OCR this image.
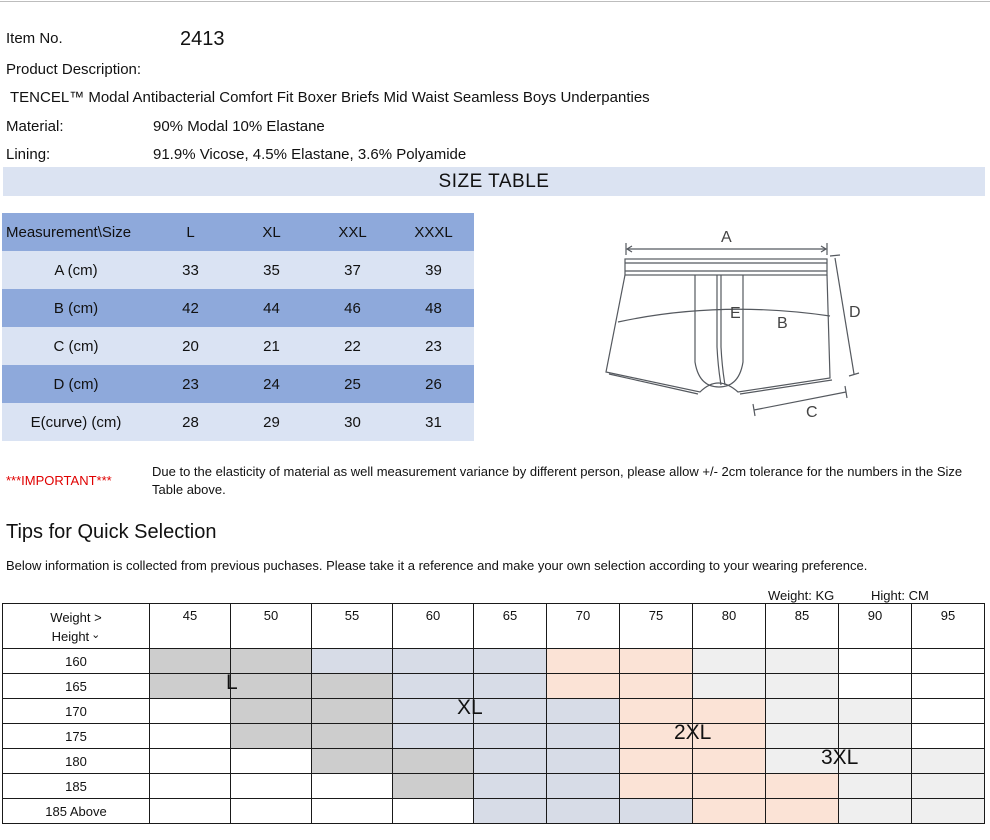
Item No.	2413
Product Description:
TENCEL™ Modal Antibacterial Comfort Fit Boxer Briefs Mid Waist Seamless Boys Underpanties
Material:	90% Modal 10% Elastane
Lining:	91.9% Vicose, 4.5% Elastane, 3.6% Polyamide
SIZE TABLE
Measurement\Size	L	XL	XXL	XXXL
A (cm)	33	35	37	39
B (cm)	42	44	46	48
C (cm)	20	21	22	23
D (cm)	23	24	25	26
E(curve) (cm)	28	29	30	31
A
E
B
D
C
***IMPORTANT***
Due to the elasticity of material as well measurement variance by different person, please allow +/- 2cm tolerance for the numbers in the Size Table above.
Tips for Quick Selection
Below information is collected from previous puchases. Please take it a reference and make your own selection according to your wearing preference.
Weight: KG	Hight: CM
Weight >
Height ⌄	45	50	55	60	65	70	75	80	85	90	95
160											
165											
170											
175											
180											
185											
185 Above											
L
XL
2XL
3XL
